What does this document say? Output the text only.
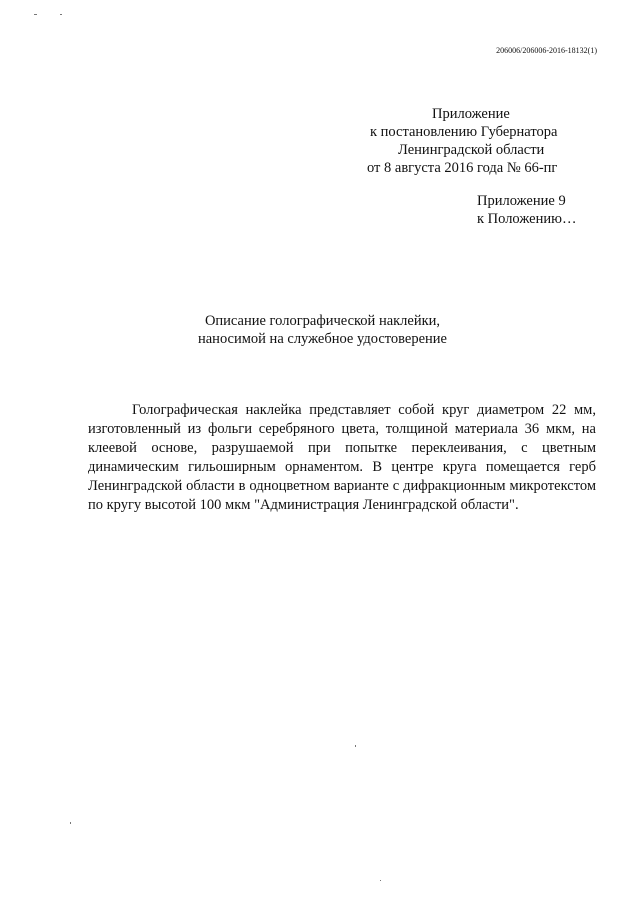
206006/206006-2016-18132(1)
Приложение
к постановлению Губернатора
Ленинградской области
от 8 августа 2016 года № 66-пг
Приложение 9
к Положению…
Описание голографической наклейки,
наносимой на служебное удостоверение

Голографическая наклейка представляет собой круг диаметром 22 мм, изготовленный из фольги серебряного цвета, толщиной материала 36 мкм, на клеевой основе, разрушаемой при попытке переклеивания, с цветным динамическим гильоширным орнаментом. В центре круга помещается герб Ленинградской области в одноцветном варианте с дифракционным микротекстом по кругу высотой 100 мкм "Администрация Ленинградской области".
